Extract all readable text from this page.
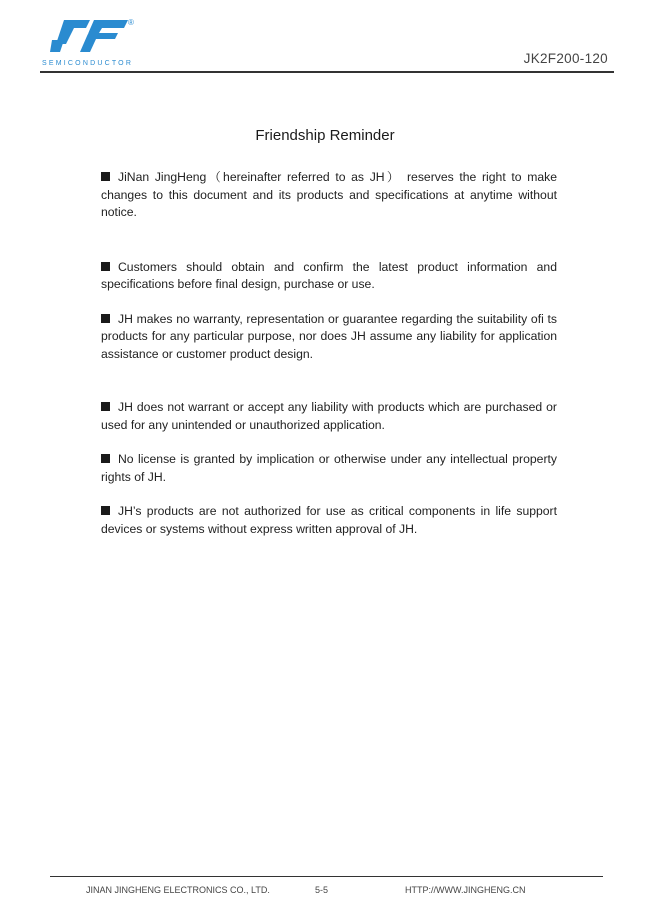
®
SEMICONDUCTOR	JK2F200-120
Friendship Reminder

JiNan JingHeng（hereinafter referred to as JH） reserves the right to make changes to this document and its products and specifications at anytime without notice.

Customers should obtain and confirm the latest product information and specifications before final design, purchase or use.

JH makes no warranty, representation or guarantee regarding the suitability ofi ts products for any particular purpose, nor does JH assume any liability for application assistance or customer product design.

JH does not warrant or accept any liability with products which are purchased or used for any unintended or unauthorized application.

No license is granted by implication or otherwise under any intellectual property rights of JH.

JH’s products are not authorized for use as critical components in life support devices or systems without express written approval of JH.

JINAN JINGHENG ELECTRONICS CO., LTD.	5-5	HTTP://WWW.JINGHENG.CN
